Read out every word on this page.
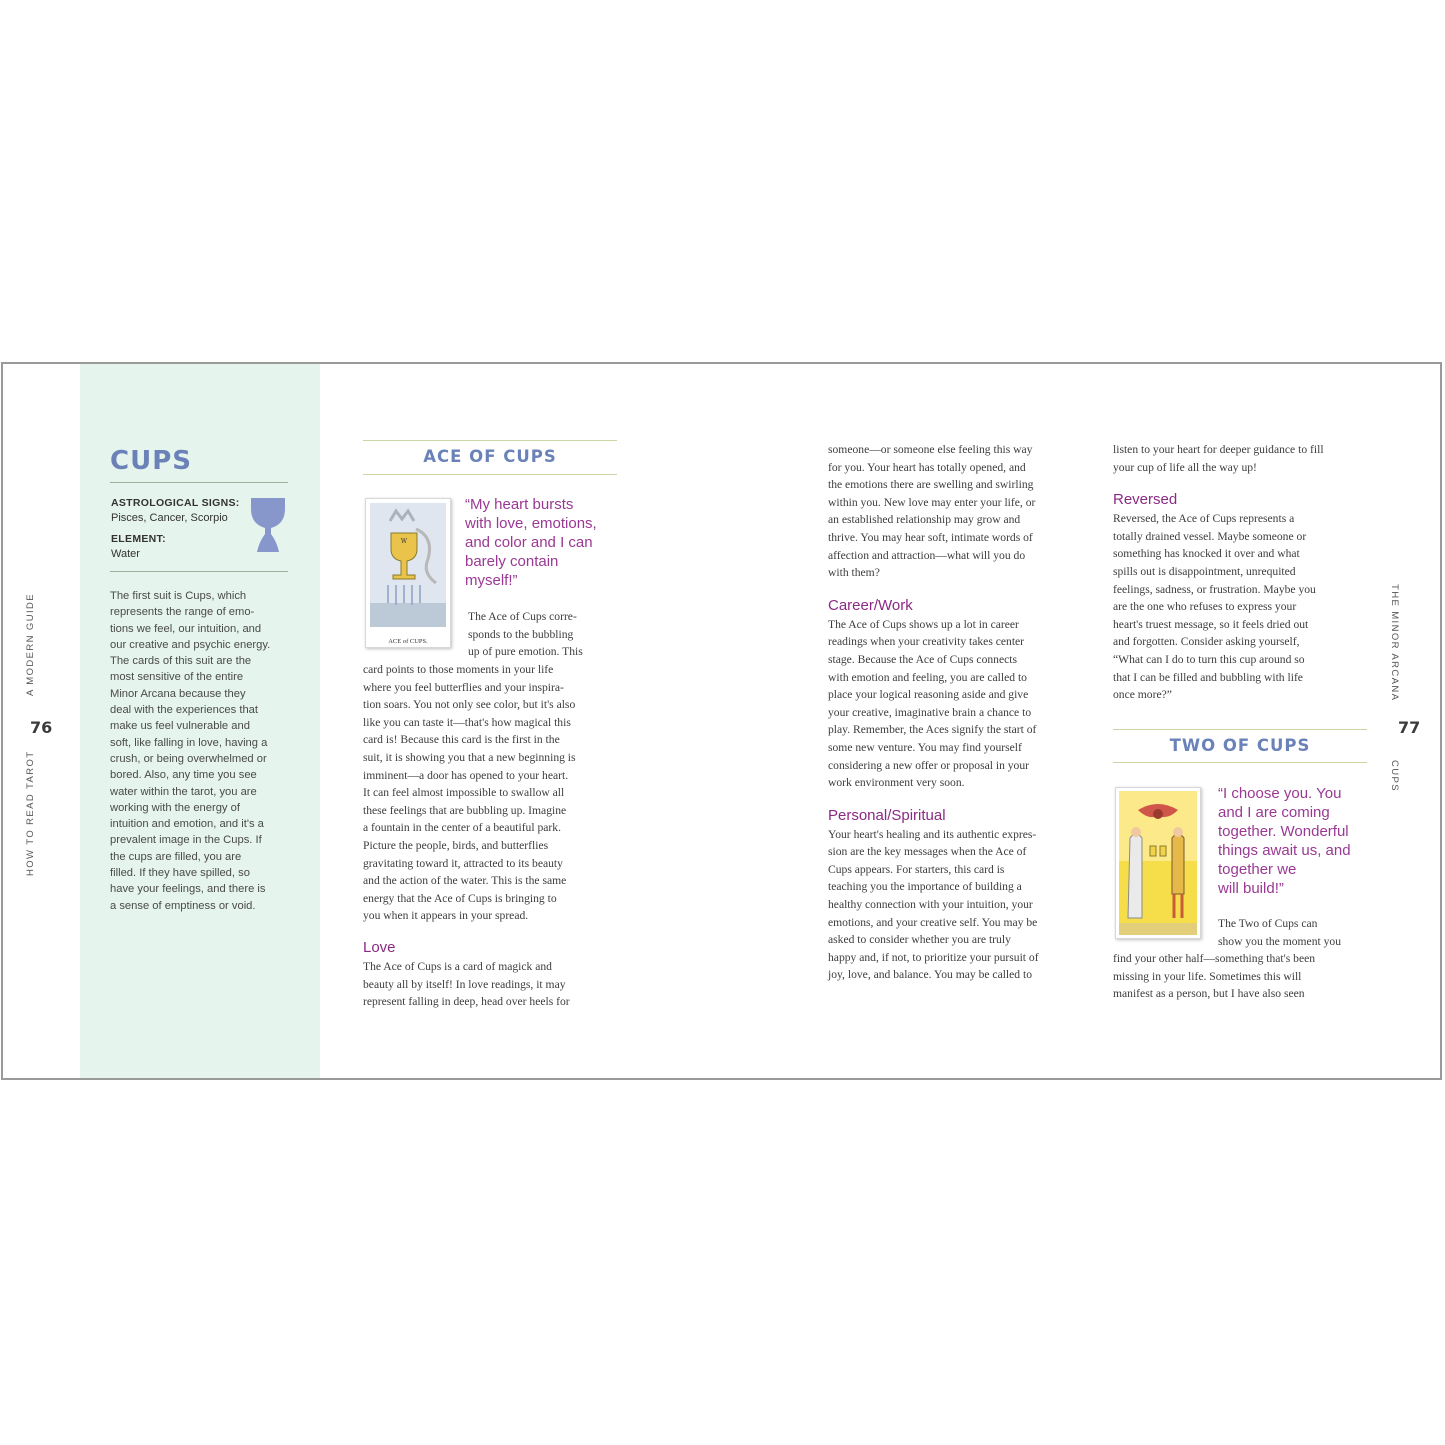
CUPS
ASTROLOGICAL SIGNS:
Pisces, Cancer, Scorpio
ELEMENT:
Water
The first suit is Cups, which
represents the range of emo-
tions we feel, our intuition, and
our creative and psychic energy.
The cards of this suit are the
most sensitive of the entire
Minor Arcana because they
deal with the experiences that
make us feel vulnerable and
soft, like falling in love, having a
crush, or being overwhelmed or
bored. Also, any time you see
water within the tarot, you are
working with the energy of
intuition and emotion, and it's a
prevalent image in the Cups. If
the cups are filled, you are
filled. If they have spilled, so
have your feelings, and there is
a sense of emptiness or void.
A MODERN GUIDE
76
HOW TO READ TAROT
ACE OF CUPS
W
ACE of CUPS.
“My heart bursts
with love, emotions,
and color and I can
barely contain
myself!”
The Ace of Cups corre-
sponds to the bubbling
up of pure emotion. This
card points to those moments in your life
where you feel butterflies and your inspira-
tion soars. You not only see color, but it's also
like you can taste it—that's how magical this
card is! Because this card is the first in the
suit, it is showing you that a new beginning is
imminent—a door has opened to your heart.
It can feel almost impossible to swallow all
these feelings that are bubbling up. Imagine
a fountain in the center of a beautiful park.
Picture the people, birds, and butterflies
gravitating toward it, attracted to its beauty
and the action of the water. This is the same
energy that the Ace of Cups is bringing to
you when it appears in your spread.
Love
The Ace of Cups is a card of magick and
beauty all by itself! In love readings, it may
represent falling in deep, head over heels for
someone—or someone else feeling this way
for you. Your heart has totally opened, and
the emotions there are swelling and swirling
within you. New love may enter your life, or
an established relationship may grow and
thrive. You may hear soft, intimate words of
affection and attraction—what will you do
with them?
Career/Work
The Ace of Cups shows up a lot in career
readings when your creativity takes center
stage. Because the Ace of Cups connects
with emotion and feeling, you are called to
place your logical reasoning aside and give
your creative, imaginative brain a chance to
play. Remember, the Aces signify the start of
some new venture. You may find yourself
considering a new offer or proposal in your
work environment very soon.
Personal/Spiritual
Your heart's healing and its authentic expres-
sion are the key messages when the Ace of
Cups appears. For starters, this card is
teaching you the importance of building a
healthy connection with your intuition, your
emotions, and your creative self. You may be
asked to consider whether you are truly
happy and, if not, to prioritize your pursuit of
joy, love, and balance. You may be called to
listen to your heart for deeper guidance to fill
your cup of life all the way up!
Reversed
Reversed, the Ace of Cups represents a
totally drained vessel. Maybe someone or
something has knocked it over and what
spills out is disappointment, unrequited
feelings, sadness, or frustration. Maybe you
are the one who refuses to express your
heart's truest message, so it feels dried out
and forgotten. Consider asking yourself,
“What can I do to turn this cup around so
that I can be filled and bubbling with life
once more?”
TWO OF CUPS
“I choose you. You
and I are coming
together. Wonderful
things await us, and
together we
will build!”
The Two of Cups can
show you the moment you
find your other half—something that's been
missing in your life. Sometimes this will
manifest as a person, but I have also seen
THE MINOR ARCANA
77
CUPS
